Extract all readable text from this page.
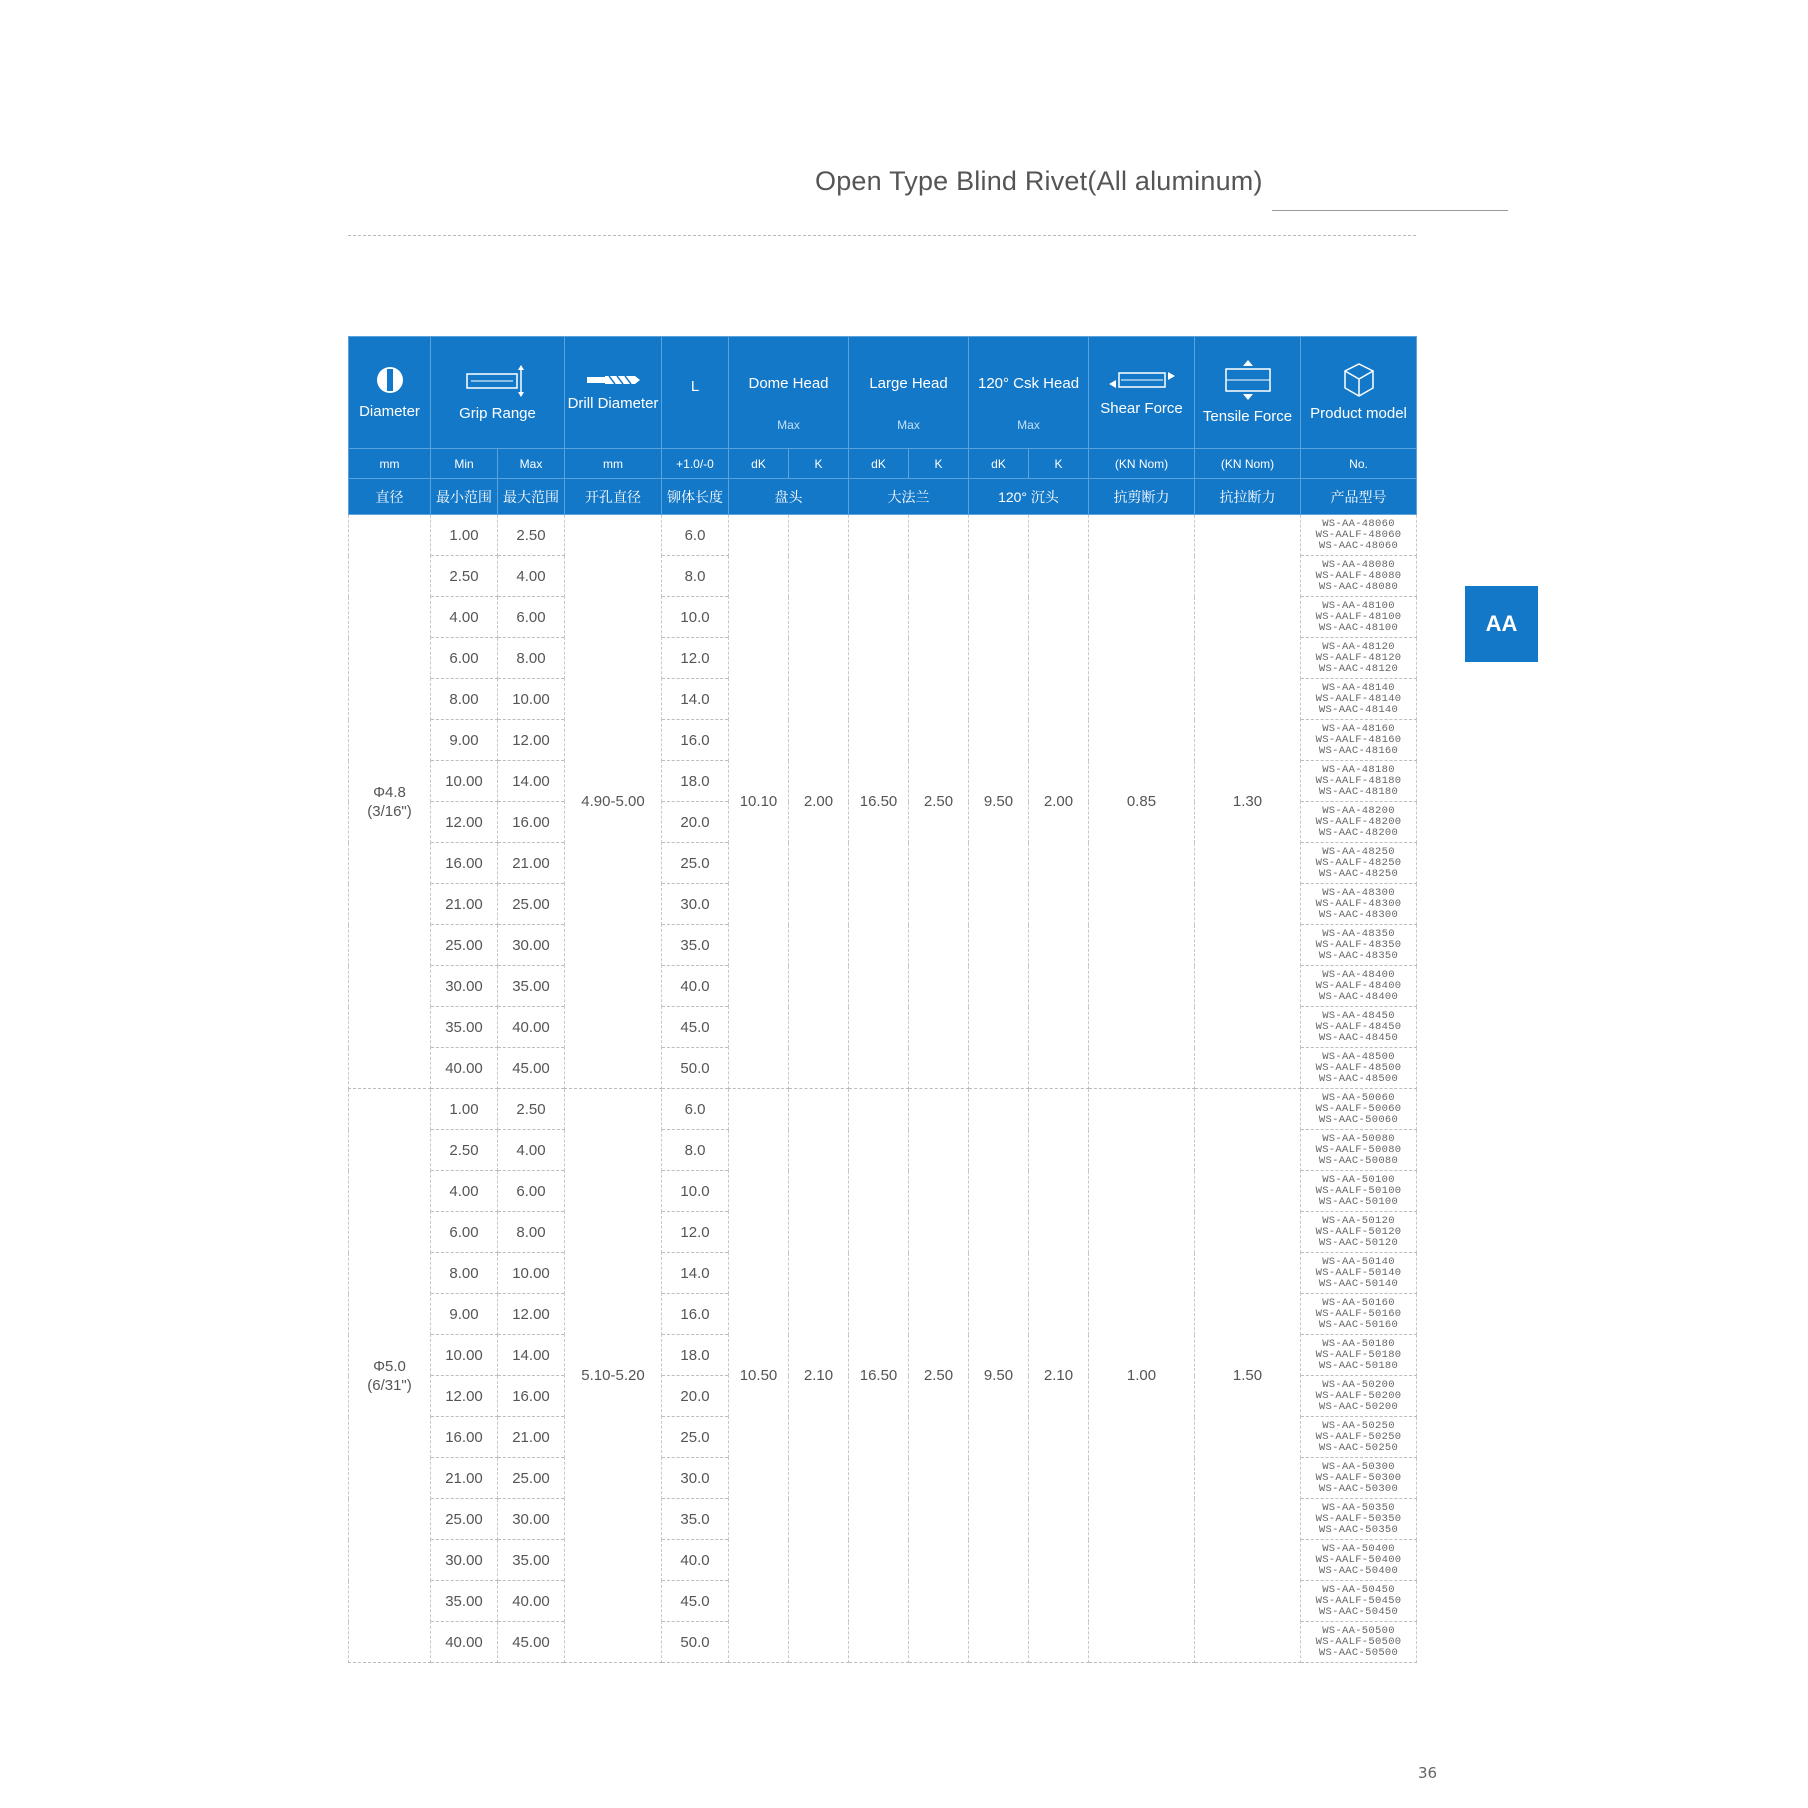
Open Type Blind Rivet(All aluminum)
Diameter	Grip Range		Drill Diameter	L	Dome Head
Max		Large Head
Max		120° Csk Head
Max		Shear Force	Tensile Force	Product model

mm	Min	Max	mm	+1.0/-0	dK	K	dK	K	dK	K	(KN Nom)	(KN Nom)	No.
直径	最小范围	最大范围	开孔直径	铆体长度	盘头		大法兰		120° 沉头		抗剪断力	抗拉断力	产品型号

Φ4.8
(3/16")	1.00	2.50	4.90-5.00	6.0	10.10	2.00	16.50	2.50	9.50	2.00	0.85	1.30	WS-AA-48060
WS-AALF-48060
WS-AAC-48060

	2.50	4.00		8.0									WS-AA-48080
WS-AALF-48080
WS-AAC-48080

	4.00	6.00		10.0									WS-AA-48100
WS-AALF-48100
WS-AAC-48100

	6.00	8.00		12.0									WS-AA-48120
WS-AALF-48120
WS-AAC-48120

	8.00	10.00		14.0									WS-AA-48140
WS-AALF-48140
WS-AAC-48140

	9.00	12.00		16.0									WS-AA-48160
WS-AALF-48160
WS-AAC-48160

	10.00	14.00		18.0									WS-AA-48180
WS-AALF-48180
WS-AAC-48180

	12.00	16.00		20.0									WS-AA-48200
WS-AALF-48200
WS-AAC-48200

	16.00	21.00		25.0									WS-AA-48250
WS-AALF-48250
WS-AAC-48250

	21.00	25.00		30.0									WS-AA-48300
WS-AALF-48300
WS-AAC-48300

	25.00	30.00		35.0									WS-AA-48350
WS-AALF-48350
WS-AAC-48350

	30.00	35.00		40.0									WS-AA-48400
WS-AALF-48400
WS-AAC-48400

	35.00	40.00		45.0									WS-AA-48450
WS-AALF-48450
WS-AAC-48450

	40.00	45.00		50.0									WS-AA-48500
WS-AALF-48500
WS-AAC-48500

Φ5.0
(6/31")	1.00	2.50	5.10-5.20	6.0	10.50	2.10	16.50	2.50	9.50	2.10	1.00	1.50	WS-AA-50060
WS-AALF-50060
WS-AAC-50060

	2.50	4.00		8.0									WS-AA-50080
WS-AALF-50080
WS-AAC-50080

	4.00	6.00		10.0									WS-AA-50100
WS-AALF-50100
WS-AAC-50100

	6.00	8.00		12.0									WS-AA-50120
WS-AALF-50120
WS-AAC-50120

	8.00	10.00		14.0									WS-AA-50140
WS-AALF-50140
WS-AAC-50140

	9.00	12.00		16.0									WS-AA-50160
WS-AALF-50160
WS-AAC-50160

	10.00	14.00		18.0									WS-AA-50180
WS-AALF-50180
WS-AAC-50180

	12.00	16.00		20.0									WS-AA-50200
WS-AALF-50200
WS-AAC-50200

	16.00	21.00		25.0									WS-AA-50250
WS-AALF-50250
WS-AAC-50250

	21.00	25.00		30.0									WS-AA-50300
WS-AALF-50300
WS-AAC-50300

	25.00	30.00		35.0									WS-AA-50350
WS-AALF-50350
WS-AAC-50350

	30.00	35.00		40.0									WS-AA-50400
WS-AALF-50400
WS-AAC-50400

	35.00	40.00		45.0									WS-AA-50450
WS-AALF-50450
WS-AAC-50450

	40.00	45.00		50.0									WS-AA-50500
WS-AALF-50500
WS-AAC-50500
AA
36
